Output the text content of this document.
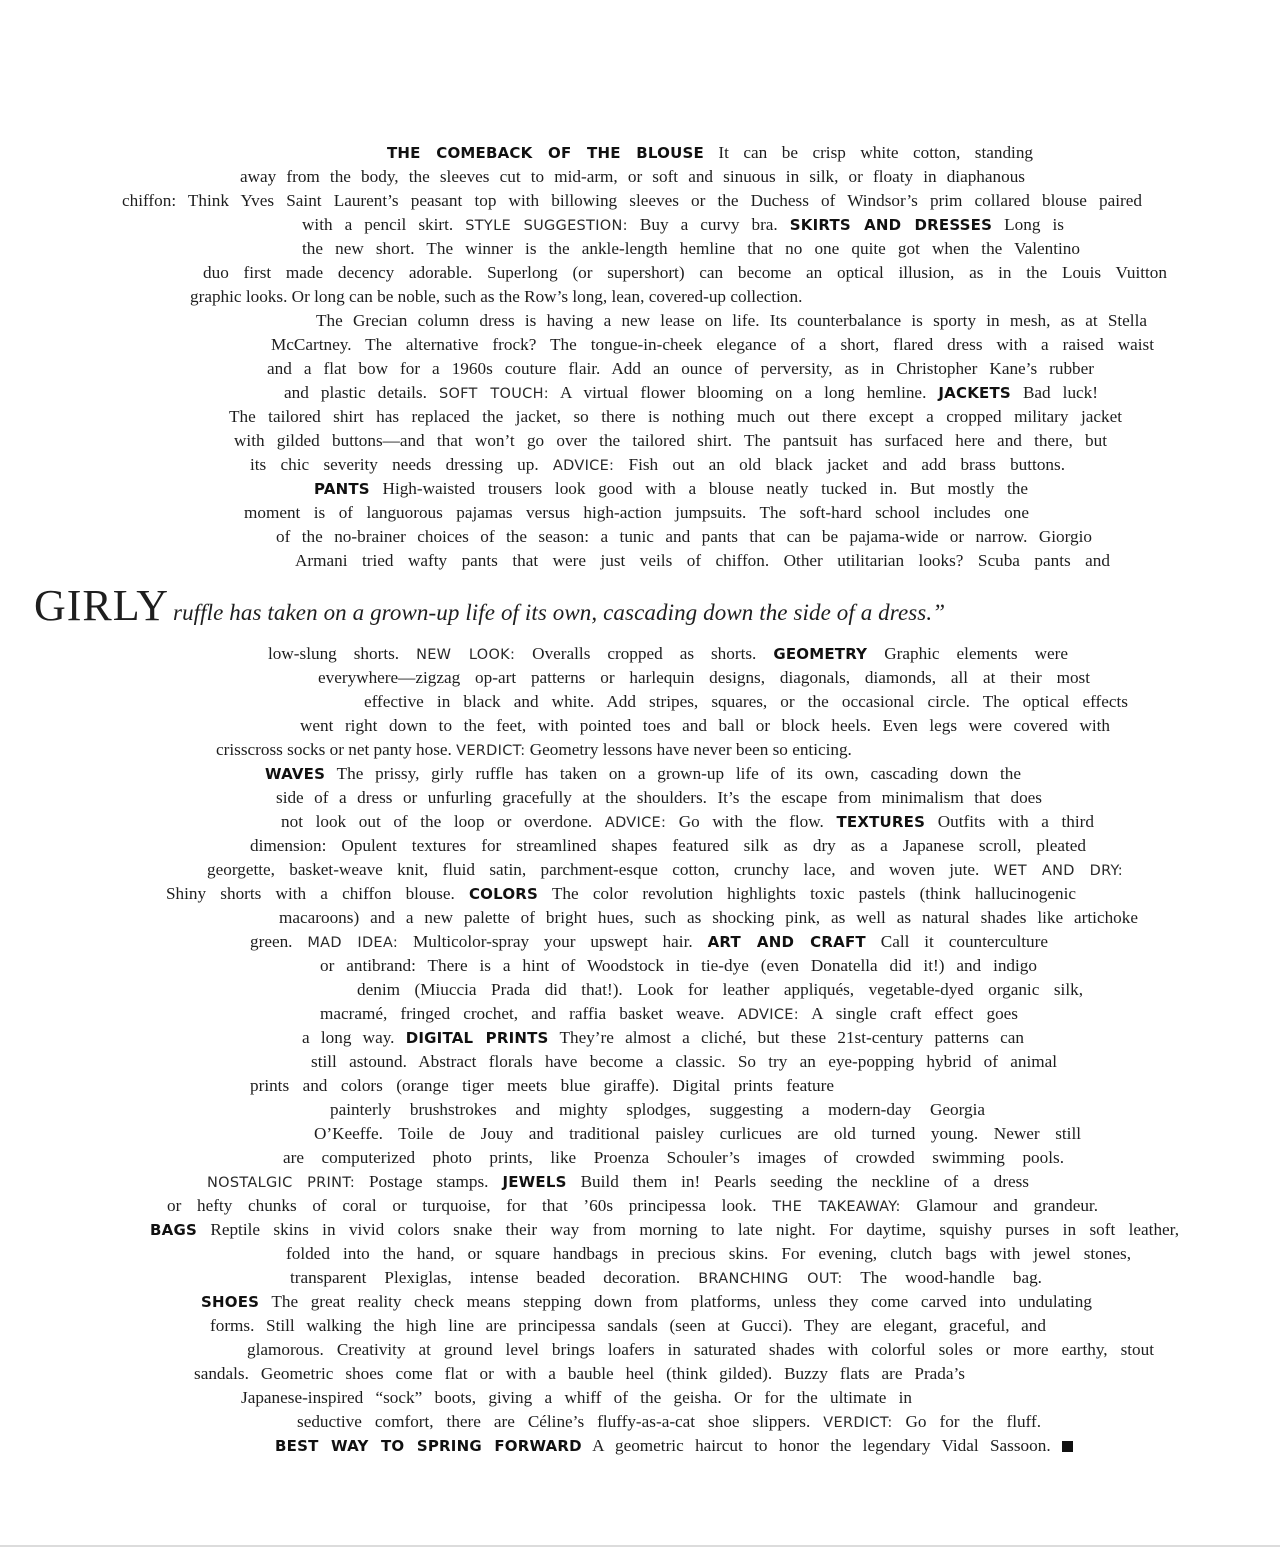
GIRLY ruffle has taken on a grown-up life of its own, cascading down the side of a dress.”
THE COMEBACK OF THE BLOUSE It can be crisp white cotton, standing
away from the body, the sleeves cut to mid-arm, or soft and sinuous in silk, or floaty in diaphanous
chiffon: Think Yves Saint Laurent’s peasant top with billowing sleeves or the Duchess of Windsor’s prim collared blouse paired
with a pencil skirt. STYLE SUGGESTION: Buy a curvy bra. SKIRTS AND DRESSES Long is
the new short. The winner is the ankle-length hemline that no one quite got when the Valentino
duo first made decency adorable. Superlong (or supershort) can become an optical illusion, as in the Louis Vuitton
graphic looks. Or long can be noble, such as the Row’s long, lean, covered-up collection.
The Grecian column dress is having a new lease on life. Its counterbalance is sporty in mesh, as at Stella
McCartney. The alternative frock? The tongue-in-cheek elegance of a short, flared dress with a raised waist
and a flat bow for a 1960s couture flair. Add an ounce of perversity, as in Christopher Kane’s rubber
and plastic details. SOFT TOUCH: A virtual flower blooming on a long hemline. JACKETS Bad luck!
The tailored shirt has replaced the jacket, so there is nothing much out there except a cropped military jacket
with gilded buttons—and that won’t go over the tailored shirt. The pantsuit has surfaced here and there, but
its chic severity needs dressing up. ADVICE: Fish out an old black jacket and add brass buttons.
PANTS High-waisted trousers look good with a blouse neatly tucked in. But mostly the
moment is of languorous pajamas versus high-action jumpsuits. The soft-hard school includes one
of the no-brainer choices of the season: a tunic and pants that can be pajama-wide or narrow. Giorgio
Armani tried wafty pants that were just veils of chiffon. Other utilitarian looks? Scuba pants and
low-slung shorts. NEW LOOK: Overalls cropped as shorts. GEOMETRY Graphic elements were
everywhere—zigzag op-art patterns or harlequin designs, diagonals, diamonds, all at their most
effective in black and white. Add stripes, squares, or the occasional circle. The optical effects
went right down to the feet, with pointed toes and ball or block heels. Even legs were covered with
crisscross socks or net panty hose. VERDICT: Geometry lessons have never been so enticing.
WAVES The prissy, girly ruffle has taken on a grown-up life of its own, cascading down the
side of a dress or unfurling gracefully at the shoulders. It’s the escape from minimalism that does
not look out of the loop or overdone. ADVICE: Go with the flow. TEXTURES Outfits with a third
dimension: Opulent textures for streamlined shapes featured silk as dry as a Japanese scroll, pleated
georgette, basket-weave knit, fluid satin, parchment-esque cotton, crunchy lace, and woven jute. WET AND DRY:
Shiny shorts with a chiffon blouse. COLORS The color revolution highlights toxic pastels (think hallucinogenic
macaroons) and a new palette of bright hues, such as shocking pink, as well as natural shades like artichoke
green. MAD IDEA: Multicolor-spray your upswept hair. ART AND CRAFT Call it counterculture
or antibrand: There is a hint of Woodstock in tie-dye (even Donatella did it!) and indigo
denim (Miuccia Prada did that!). Look for leather appliqués, vegetable-dyed organic silk,
macramé, fringed crochet, and raffia basket weave. ADVICE: A single craft effect goes
a long way. DIGITAL PRINTS They’re almost a cliché, but these 21st-century patterns can
still astound. Abstract florals have become a classic. So try an eye-popping hybrid of animal
prints and colors (orange tiger meets blue giraffe). Digital prints feature
painterly brushstrokes and mighty splodges, suggesting a modern-day Georgia
O’Keeffe. Toile de Jouy and traditional paisley curlicues are old turned young. Newer still
are computerized photo prints, like Proenza Schouler’s images of crowded swimming pools.
NOSTALGIC PRINT: Postage stamps. JEWELS Build them in! Pearls seeding the neckline of a dress
or hefty chunks of coral or turquoise, for that ’60s principessa look. THE TAKEAWAY: Glamour and grandeur.
BAGS Reptile skins in vivid colors snake their way from morning to late night. For daytime, squishy purses in soft leather,
folded into the hand, or square handbags in precious skins. For evening, clutch bags with jewel stones,
transparent Plexiglas, intense beaded decoration. BRANCHING OUT: The wood-handle bag.
SHOES The great reality check means stepping down from platforms, unless they come carved into undulating
forms. Still walking the high line are principessa sandals (seen at Gucci). They are elegant, graceful, and
glamorous. Creativity at ground level brings loafers in saturated shades with colorful soles or more earthy, stout
sandals. Geometric shoes come flat or with a bauble heel (think gilded). Buzzy flats are Prada’s
Japanese-inspired “sock” boots, giving a whiff of the geisha. Or for the ultimate in
seductive comfort, there are Céline’s fluffy-as-a-cat shoe slippers. VERDICT: Go for the fluff.
BEST WAY TO SPRING FORWARD A geometric haircut to honor the legendary Vidal Sassoon.
